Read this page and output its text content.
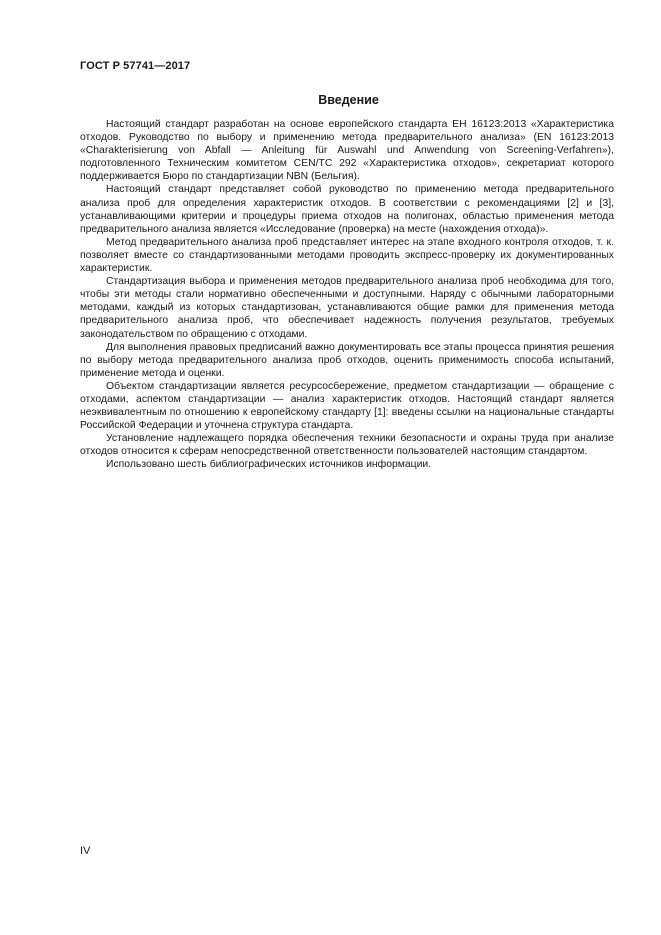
ГОСТ Р 57741—2017
Введение

Настоящий стандарт разработан на основе европейского стандарта ЕН 16123:2013 «Характеристика отходов. Руководство по выбору и применению метода предварительного анализа» (EN 16123:2013 «Charakterisierung von Abfall — Anleitung für Auswahl und Anwendung von Screening-Verfahren»), подготовленного Техническим комитетом CEN/TC 292 «Характеристика отходов», секретариат которого поддерживается Бюро по стандартизации NBN (Бельгия).

Настоящий стандарт представляет собой руководство по применению метода предварительного анализа проб для определения характеристик отходов. В соответствии с рекомендациями [2] и [3], устанавливающими критерии и процедуры приема отходов на полигонах, областью применения метода предварительного анализа является «Исследование (проверка) на месте (нахождения отхода)».

Метод предварительного анализа проб представляет интерес на этапе входного контроля отходов, т. к. позволяет вместе со стандартизованными методами проводить экспресс-проверку их документированных характеристик.

Стандартизация выбора и применения методов предварительного анализа проб необходима для того, чтобы эти методы стали нормативно обеспеченными и доступными. Наряду с обычными лабораторными методами, каждый из которых стандартизован, устанавливаются общие рамки для применения метода предварительного анализа проб, что обеспечивает надежность получения результатов, требуемых законодательством по обращению с отходами.

Для выполнения правовых предписаний важно документировать все этапы процесса принятия решения по выбору метода предварительного анализа проб отходов, оценить применимость способа испытаний, применение метода и оценки.

Объектом стандартизации является ресурсосбережение, предметом стандартизации — обращение с отходами, аспектом стандартизации — анализ характеристик отходов. Настоящий стандарт является неэквивалентным по отношению к европейскому стандарту [1]: введены ссылки на национальные стандарты Российской Федерации и уточнена структура стандарта.

Установление надлежащего порядка обеспечения техники безопасности и охраны труда при анализе отходов относится к сферам непосредственной ответственности пользователей настоящим стандартом.

Использовано шесть библиографических источников информации.

IV
